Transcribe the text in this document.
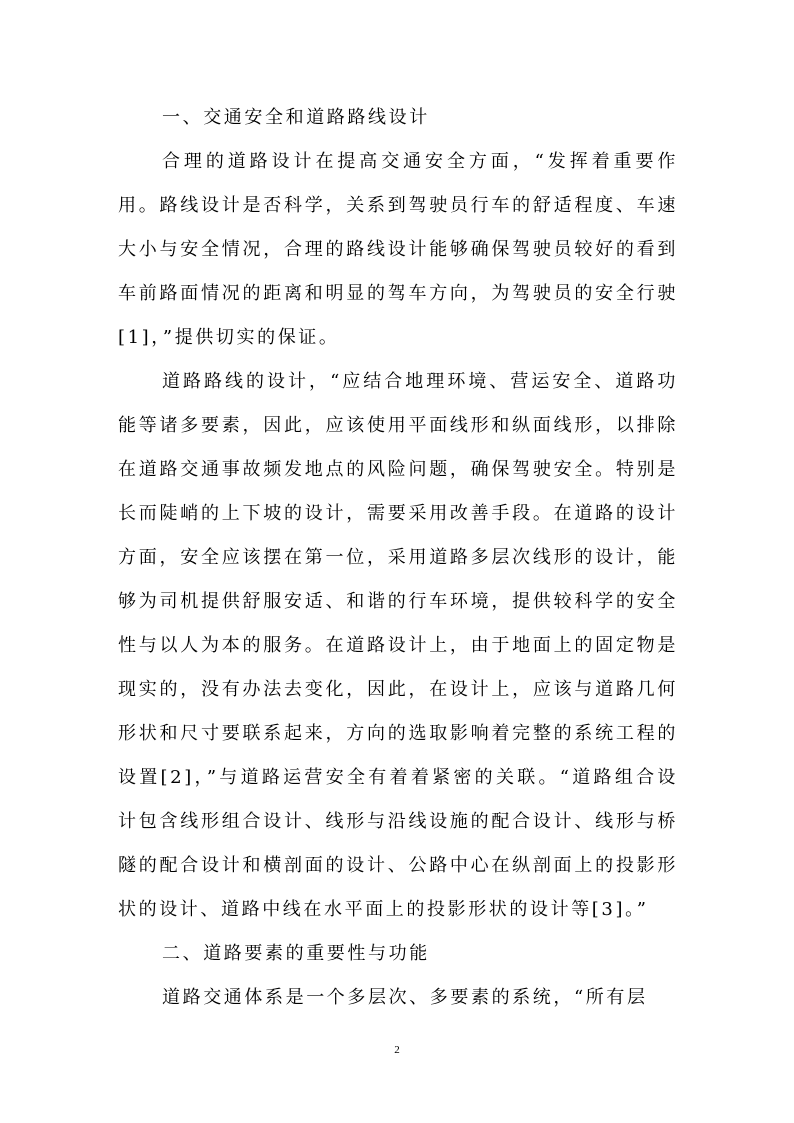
一、交通安全和道路路线设计

合理的道路设计在提高交通安全方面，“发挥着重要作用。路线设计是否科学，关系到驾驶员行车的舒适程度、车速大小与安全情况，合理的路线设计能够确保驾驶员较好的看到车前路面情况的距离和明显的驾车方向，为驾驶员的安全行驶[1]，”提供切实的保证。

道路路线的设计，“应结合地理环境、营运安全、道路功能等诸多要素，因此，应该使用平面线形和纵面线形，以排除在道路交通事故频发地点的风险问题，确保驾驶安全。特别是长而陡峭的上下坡的设计，需要采用改善手段。在道路的设计方面，安全应该摆在第一位，采用道路多层次线形的设计，能够为司机提供舒服安适、和谐的行车环境，提供较科学的安全性与以人为本的服务。在道路设计上，由于地面上的固定物是现实的，没有办法去变化，因此，在设计上，应该与道路几何形状和尺寸要联系起来，方向的选取影响着完整的系统工程的设置[2]，”与道路运营安全有着着紧密的关联。“道路组合设计包含线形组合设计、线形与沿线设施的配合设计、线形与桥隧的配合设计和横剖面的设计、公路中心在纵剖面上的投影形状的设计、道路中线在水平面上的投影形状的设计等[3]。”

二、道路要素的重要性与功能

道路交通体系是一个多层次、多要素的系统，“所有层

2
